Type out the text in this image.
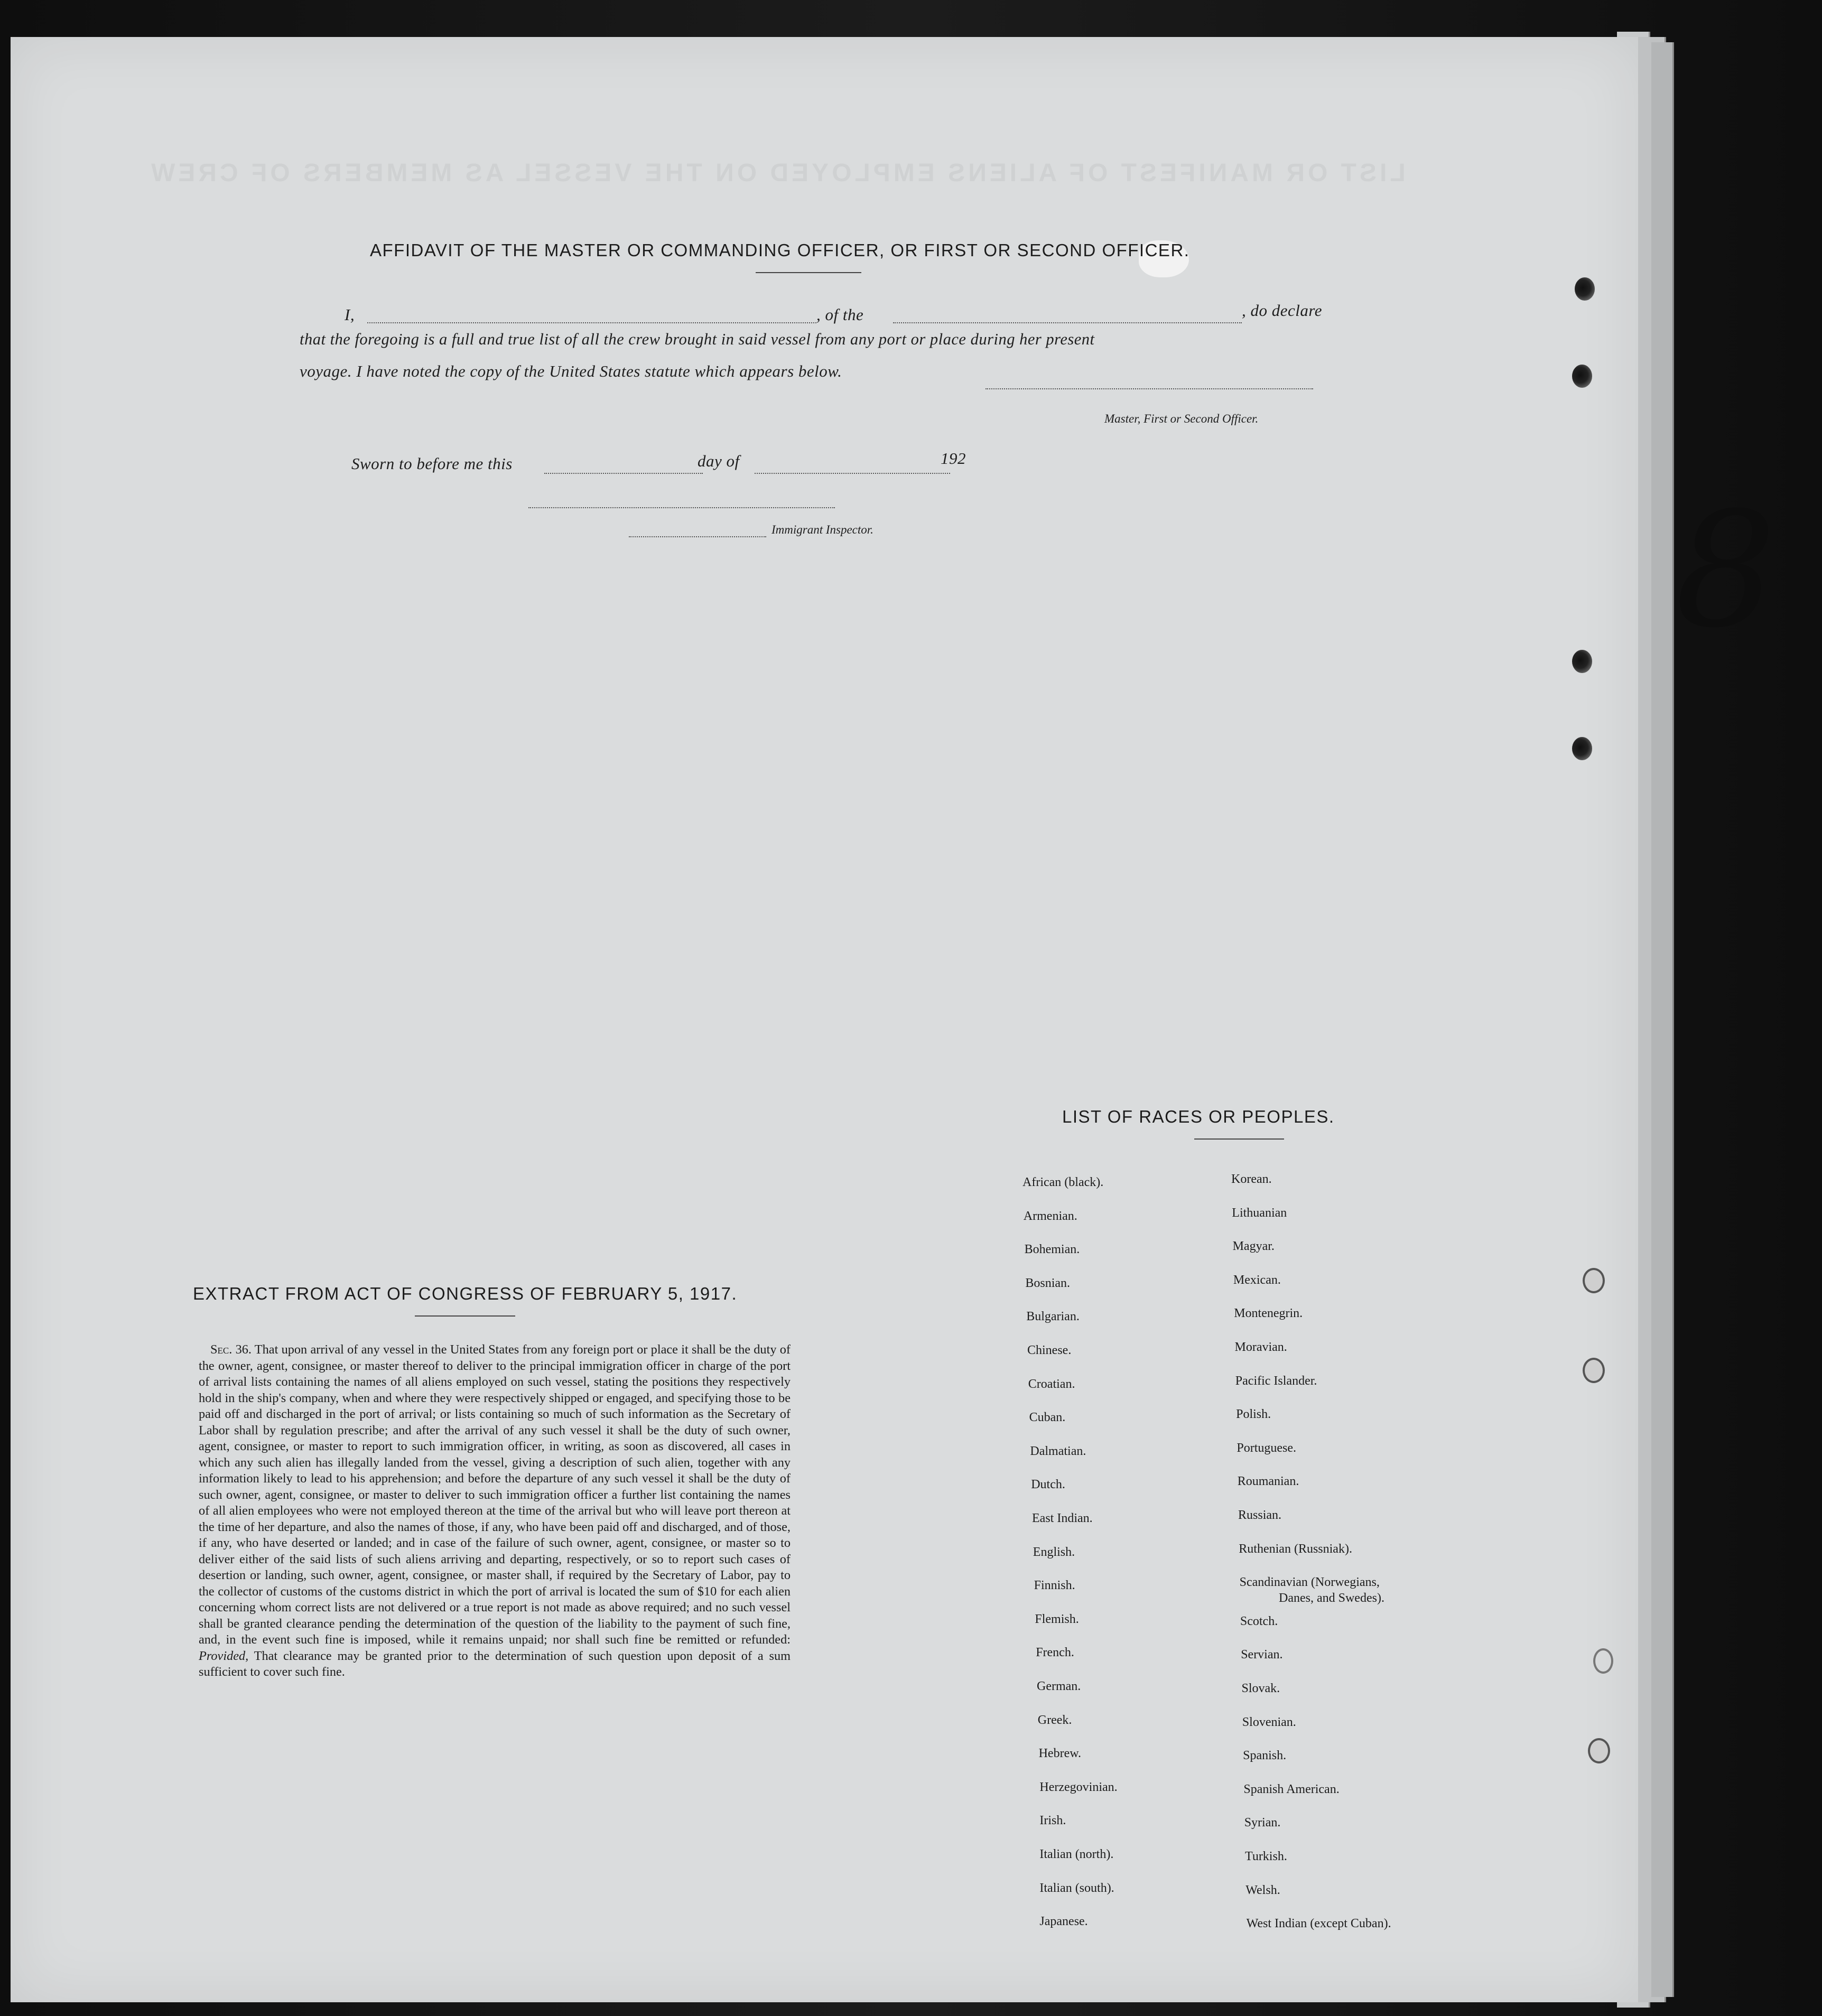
LIST OR MANIFEST OF ALIENS EMPLOYED ON THE VESSEL AS MEMBERS OF CREW
AFFIDAVIT OF THE MASTER OR COMMANDING OFFICER, OR FIRST OR SECOND OFFICER.
I,	, of the	, do declare
that the foregoing is a full and true list of all the crew brought in said vessel from any port or place during her present
voyage. I have noted the copy of the United States statute which appears below.
Master, First or Second Officer.
Sworn to before me this	day of	192
Immigrant Inspector.
EXTRACT FROM ACT OF CONGRESS OF FEBRUARY 5, 1917.
Sec. 36. That upon arrival of any vessel in the United States from any foreign port or place it shall be the duty of the owner, agent, consignee, or master thereof to deliver to the principal immigration officer in charge of the port of arrival lists containing the names of all aliens employed on such vessel, stating the positions they respectively hold in the ship's company, when and where they were respectively shipped or engaged, and specifying those to be paid off and discharged in the port of arrival; or lists containing so much of such information as the Secretary of Labor shall by regulation prescribe; and after the arrival of any such vessel it shall be the duty of such owner, agent, consignee, or master to report to such immigration officer, in writing, as soon as discovered, all cases in which any such alien has illegally landed from the vessel, giving a description of such alien, together with any information likely to lead to his apprehension; and before the departure of any such vessel it shall be the duty of such owner, agent, consignee, or master to deliver to such immigration officer a further list containing the names of all alien employees who were not employed thereon at the time of the arrival but who will leave port thereon at the time of her departure, and also the names of those, if any, who have been paid off and discharged, and of those, if any, who have deserted or landed; and in case of the failure of such owner, agent, consignee, or master so to deliver either of the said lists of such aliens arriving and departing, respectively, or so to report such cases of desertion or landing, such owner, agent, consignee, or master shall, if required by the Secretary of Labor, pay to the collector of customs of the customs district in which the port of arrival is located the sum of $10 for each alien concerning whom correct lists are not delivered or a true report is not made as above required; and no such vessel shall be granted clearance pending the determination of the question of the liability to the payment of such fine, and, in the event such fine is imposed, while it remains unpaid; nor shall such fine be remitted or refunded: Provided, That clearance may be granted prior to the determination of such question upon deposit of a sum sufficient to cover such fine.
LIST OF RACES OR PEOPLES.
African (black).
Armenian.
Bohemian.
Bosnian.
Bulgarian.
Chinese.
Croatian.
Cuban.
Dalmatian.
Dutch.
East Indian.
English.
Finnish.
Flemish.
French.
German.
Greek.
Hebrew.
Herzegovinian.
Irish.
Italian (north).
Italian (south).
Japanese.
Korean.
Lithuanian
Magyar.
Mexican.
Montenegrin.
Moravian.
Pacific Islander.
Polish.
Portuguese.
Roumanian.
Russian.
Ruthenian (Russniak).
Scandinavian (Norwegians,
Danes, and Swedes).
Scotch.
Servian.
Slovak.
Slovenian.
Spanish.
Spanish American.
Syrian.
Turkish.
Welsh.
West Indian (except Cuban).
8
